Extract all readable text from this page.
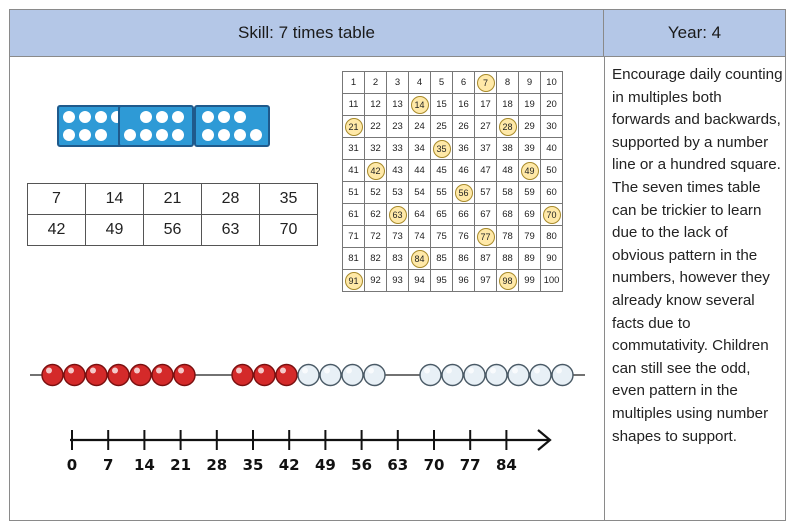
Skill: 7 times table	Year: 4

Encourage daily counting in multiples both forwards and backwards, supported by a number line or a hundred square.

The seven times table can be trickier to learn due to the lack of obvious pattern in the numbers, however they already know several facts due to commutativity. Children can still see the odd, even pattern in the multiples using number shapes to support.

7	14	21	28	35
42	49	56	63	70
1	2	3	4	5	6	7	8	9	10
11	12	13	14	15	16	17	18	19	20
21	22	23	24	25	26	27	28	29	30
31	32	33	34	35	36	37	38	39	40
41	42	43	44	45	46	47	48	49	50
51	52	53	54	55	56	57	58	59	60
61	62	63	64	65	66	67	68	69	70
71	72	73	74	75	76	77	78	79	80
81	82	83	84	85	86	87	88	89	90
91	92	93	94	95	96	97	98	99	100
0 7 14 21 28 35 42 49 56 63 70 77 84
